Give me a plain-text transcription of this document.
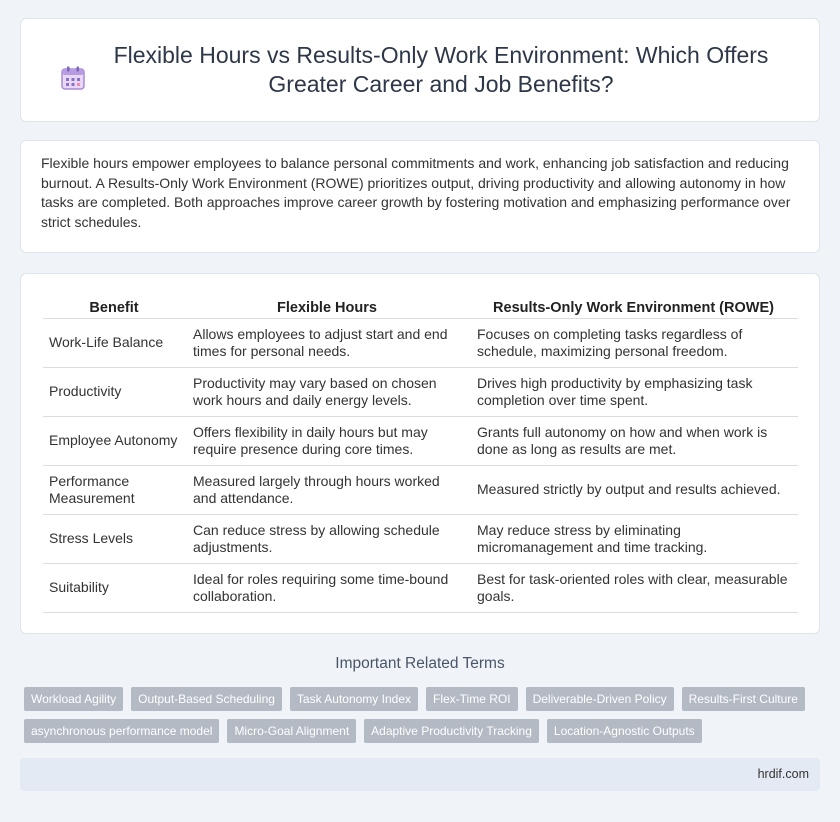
Flexible Hours vs Results-Only Work Environment: Which Offers Greater Career and Job Benefits?

Flexible hours empower employees to balance personal commitments and work, enhancing job satisfaction and reducing burnout. A Results-Only Work Environment (ROWE) prioritizes output, driving productivity and allowing autonomy in how tasks are completed. Both approaches improve career growth by fostering motivation and emphasizing performance over strict schedules.

Benefit	Flexible Hours	Results-Only Work Environment (ROWE)
Work-Life Balance	Allows employees to adjust start and end times for personal needs.	Focuses on completing tasks regardless of schedule, maximizing personal freedom.
Productivity	Productivity may vary based on chosen work hours and daily energy levels.	Drives high productivity by emphasizing task completion over time spent.
Employee Autonomy	Offers flexibility in daily hours but may require presence during core times.	Grants full autonomy on how and when work is done as long as results are met.
Performance Measurement	Measured largely through hours worked and attendance.	Measured strictly by output and results achieved.
Stress Levels	Can reduce stress by allowing schedule adjustments.	May reduce stress by eliminating micromanagement and time tracking.
Suitability	Ideal for roles requiring some time-bound collaboration.	Best for task-oriented roles with clear, measurable goals.
Important Related Terms
Workload Agility	Output-Based Scheduling	Task Autonomy Index	Flex-Time ROI	Deliverable-Driven Policy	Results-First Culture
asynchronous performance model	Micro-Goal Alignment	Adaptive Productivity Tracking	Location-Agnostic Outputs
hrdif.com
